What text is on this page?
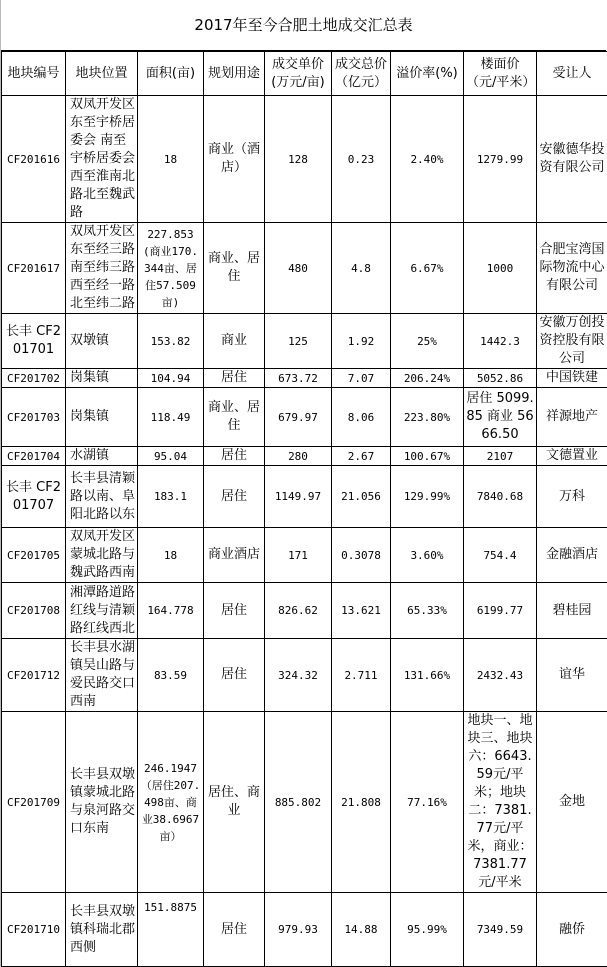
2017年至今合肥土地成交汇总表
地块编号	地块位置	面积(亩)	规划用途	成交单价(万元/亩)	成交总价（亿元）	溢价率(%)	楼面价（元/平米）	受让人
CF201616	双凤开发区东至宇桥居委会 南至宇桥居委会 西至淮南北路北至魏武路	18	商业（酒店）	128	0.23	2.40%	1279.99	安徽德华投资有限公司
CF201617	双凤开发区东至经三路南至纬三路西至经一路北至纬二路	227.853(商业170.344亩、居住57.509亩)	商业、居住	480	4.8	6.67%	1000	合肥宝湾国际物流中心有限公司
长丰 CF201701	双墩镇	153.82	商业	125	1.92	25%	1442.3	安徽万创投资控股有限公司
CF201702	岗集镇	104.94	居住	673.72	7.07	206.24%	5052.86	中国铁建
CF201703	岗集镇	118.49	商业、居住	679.97	8.06	223.80%	居住 5099.85 商业 5666.50	祥源地产
CF201704	水湖镇	95.04	居住	280	2.67	100.67%	2107	文德置业
长丰 CF201707	长丰县清颖路以南、阜阳北路以东	183.1	居住	1149.97	21.056	129.99%	7840.68	万科
CF201705	双凤开发区蒙城北路与魏武路西南	18	商业酒店	171	0.3078	3.60%	754.4	金融酒店
CF201708	湘潭路道路红线与清颖路红线西北	164.778	居住	826.62	13.621	65.33%	6199.77	碧桂园
CF201712	长丰县水湖镇吴山路与爱民路交口西南	83.59	居住	324.32	2.711	131.66%	2432.43	谊华
CF201709	长丰县双墩镇蒙城北路与泉河路交口东南	246.1947（居住207.498亩、商业38.6967亩）	居住、商业	885.802	21.808	77.16%	地块一、地块三、地块六：6643.59元/平米；地块二：7381.77元/平米，商业：7381.77元/平米	金地
CF201710	长丰县双墩镇科瑞北郡西侧	151.8875	居住	979.93	14.88	95.99%	7349.59	融侨
